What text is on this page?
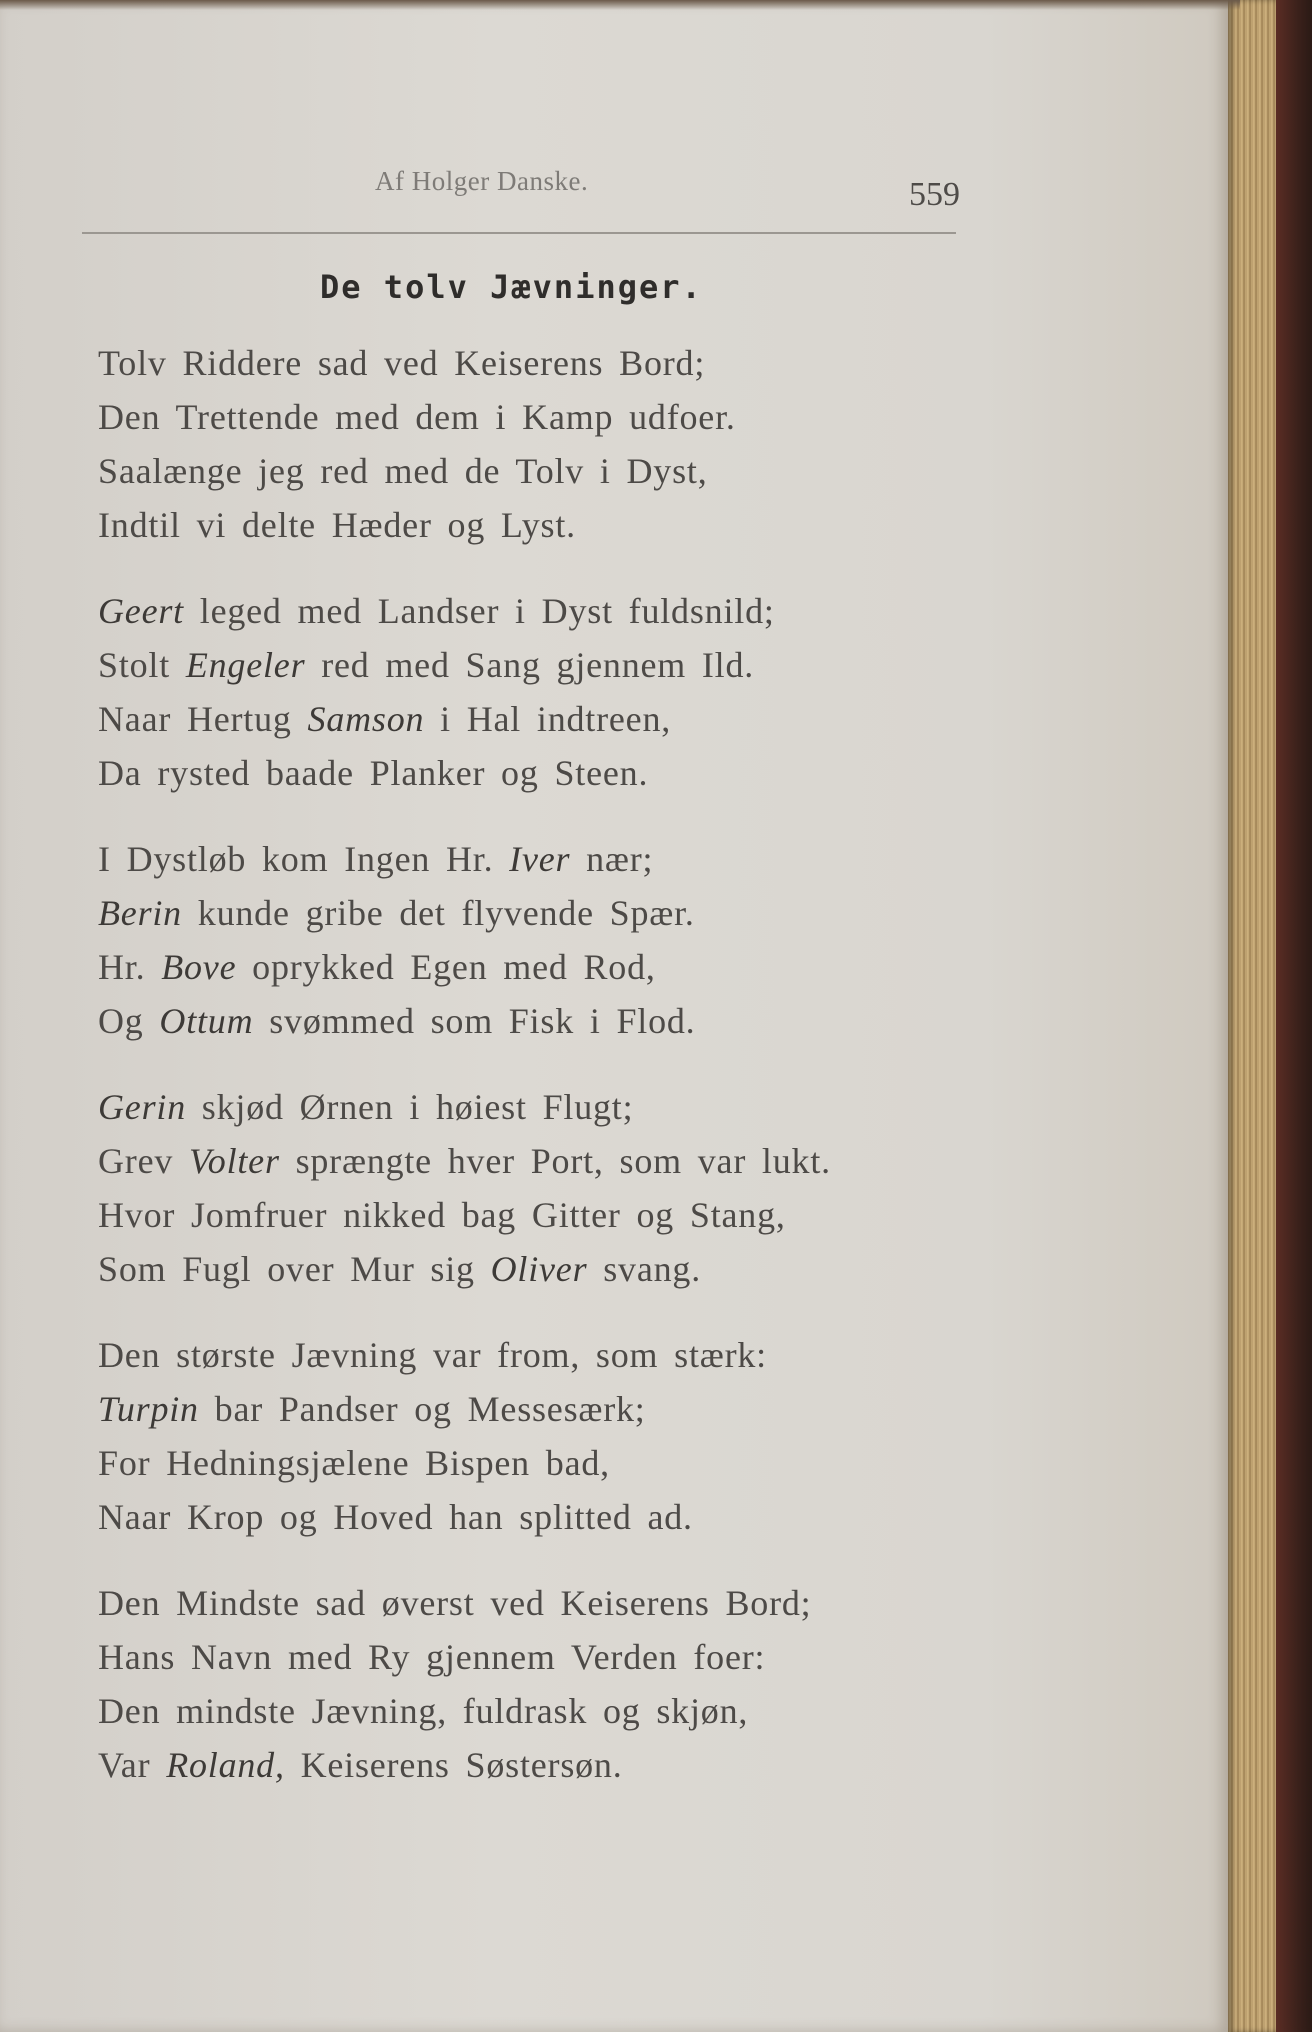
Af Holger Danske.	559
De tolv Jævninger.
Tolv Riddere sad ved Keiserens Bord;
Den Trettende med dem i Kamp udfoer.
Saalænge jeg red med de Tolv i Dyst,
Indtil vi delte Hæder og Lyst.
Geert leged med Landser i Dyst fuldsnild;
Stolt Engeler red med Sang gjennem Ild.
Naar Hertug Samson i Hal indtreen,
Da rysted baade Planker og Steen.
I Dystløb kom Ingen Hr. Iver nær;
Berin kunde gribe det flyvende Spær.
Hr. Bove oprykked Egen med Rod,
Og Ottum svømmed som Fisk i Flod.
Gerin skjød Ørnen i høiest Flugt;
Grev Volter sprængte hver Port, som var lukt.
Hvor Jomfruer nikked bag Gitter og Stang,
Som Fugl over Mur sig Oliver svang.
Den største Jævning var from, som stærk:
Turpin bar Pandser og Messesærk;
For Hedningsjælene Bispen bad,
Naar Krop og Hoved han splitted ad.
Den Mindste sad øverst ved Keiserens Bord;
Hans Navn med Ry gjennem Verden foer:
Den mindste Jævning, fuldrask og skjøn,
Var Roland, Keiserens Søstersøn.
